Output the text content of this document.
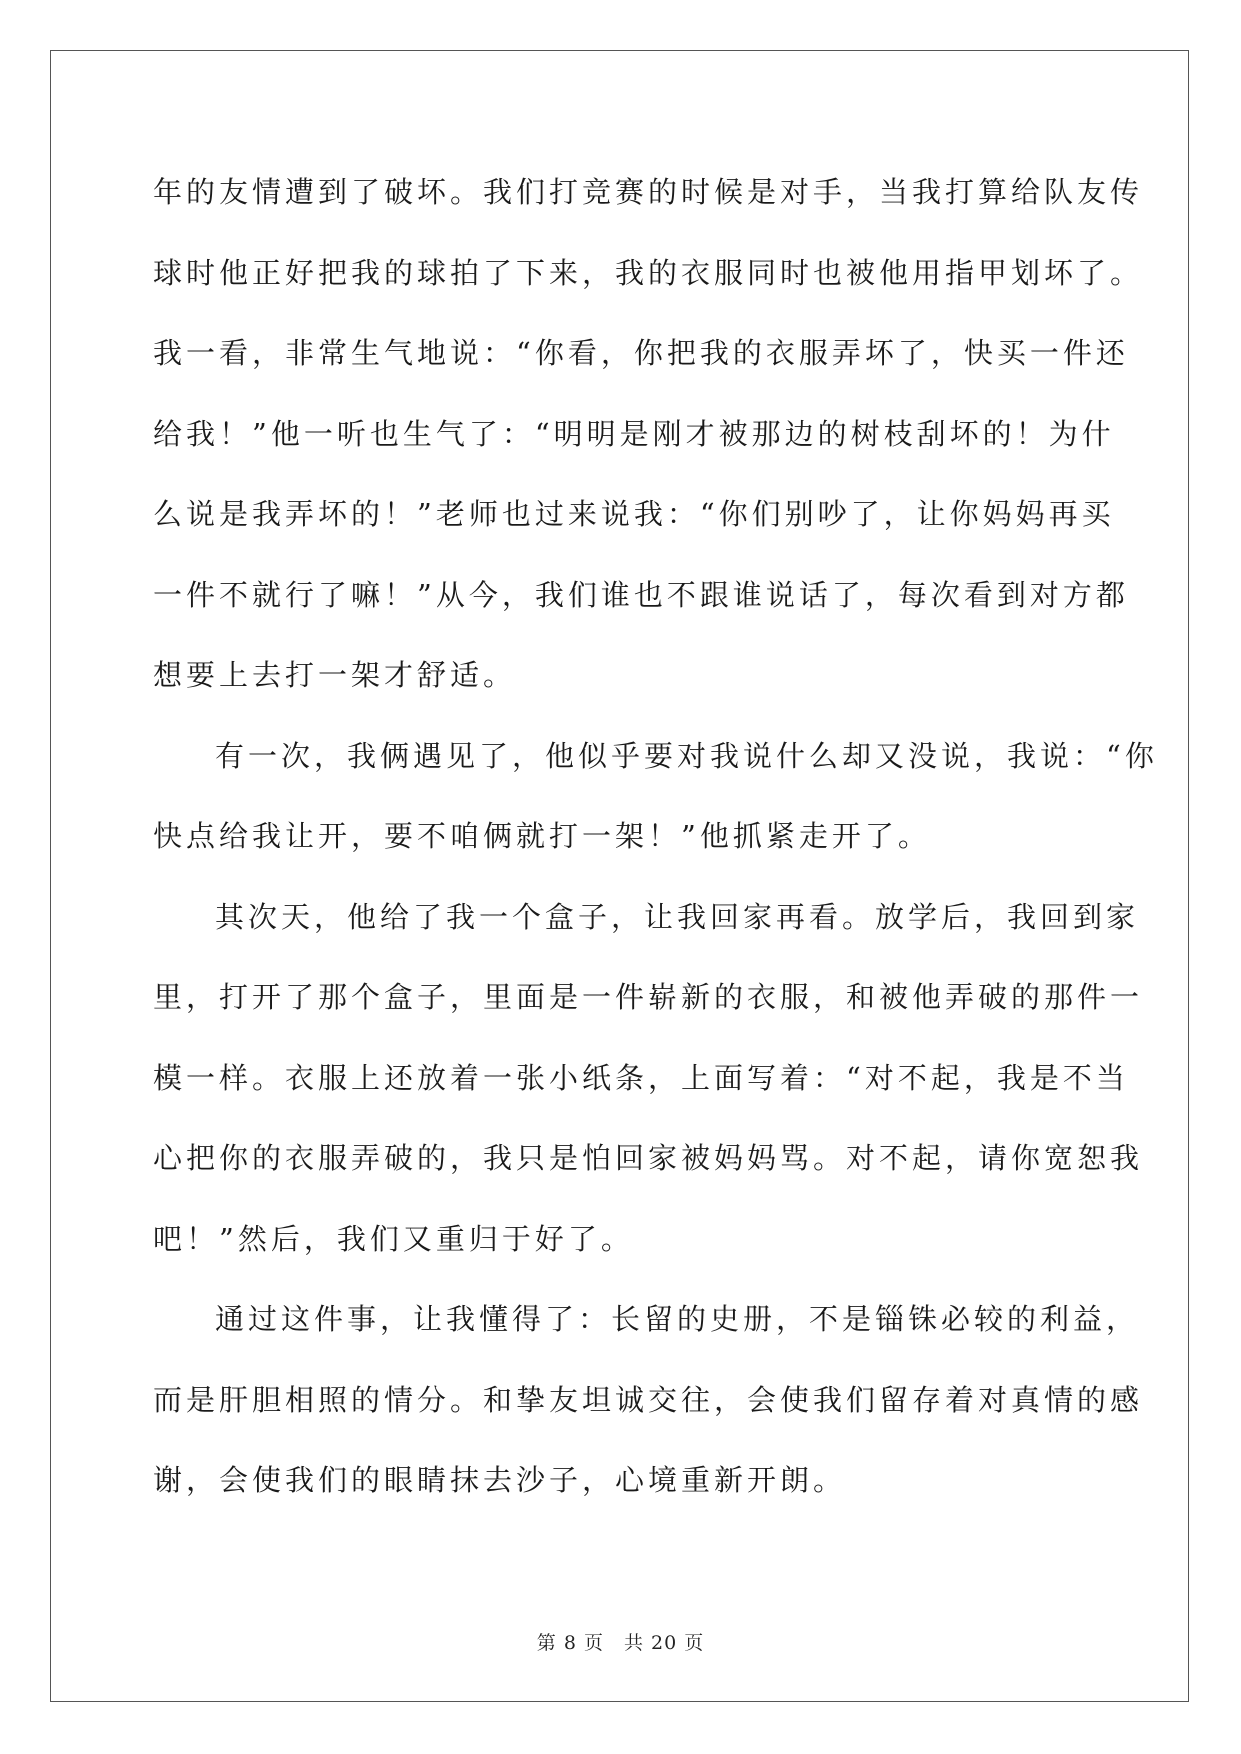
年的友情遭到了破坏。我们打竞赛的时候是对手，当我打算给队友传
球时他正好把我的球拍了下来，我的衣服同时也被他用指甲划坏了。
我一看，非常生气地说：“你看，你把我的衣服弄坏了，快买一件还
给我！”他一听也生气了：“明明是刚才被那边的树枝刮坏的！为什
么说是我弄坏的！”老师也过来说我：“你们别吵了，让你妈妈再买
一件不就行了嘛！”从今，我们谁也不跟谁说话了，每次看到对方都
想要上去打一架才舒适。
有一次，我俩遇见了，他似乎要对我说什么却又没说，我说：“你
快点给我让开，要不咱俩就打一架！”他抓紧走开了。
其次天，他给了我一个盒子，让我回家再看。放学后，我回到家
里，打开了那个盒子，里面是一件崭新的衣服，和被他弄破的那件一
模一样。衣服上还放着一张小纸条，上面写着：“对不起，我是不当
心把你的衣服弄破的，我只是怕回家被妈妈骂。对不起，请你宽恕我
吧！”然后，我们又重归于好了。
通过这件事，让我懂得了：长留的史册，不是锱铢必较的利益，
而是肝胆相照的情分。和挚友坦诚交往，会使我们留存着对真情的感
谢，会使我们的眼睛抹去沙子，心境重新开朗。
第 8 页　共 20 页
